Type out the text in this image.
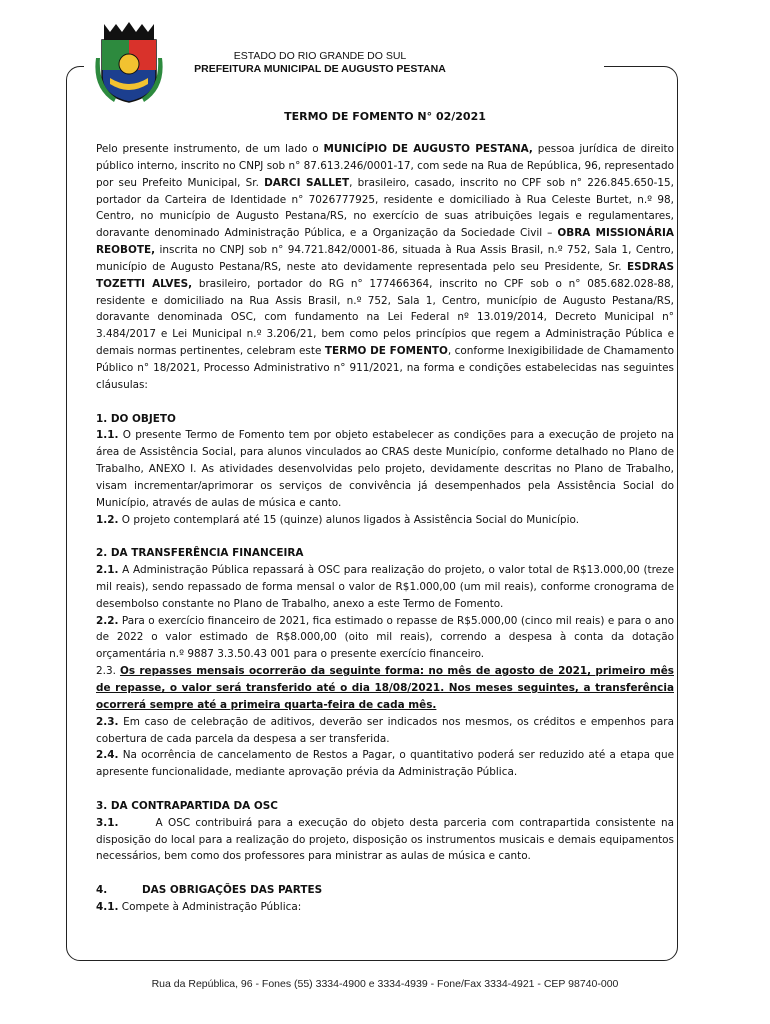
ESTADO DO RIO GRANDE DO SUL
PREFEITURA MUNICIPAL DE AUGUSTO PESTANA
TERMO DE FOMENTO N° 02/2021

Pelo presente instrumento, de um lado o MUNICÍPIO DE AUGUSTO PESTANA, pessoa jurídica de direito público interno, inscrito no CNPJ sob n° 87.613.246/0001-17, com sede na Rua de República, 96, representado por seu Prefeito Municipal, Sr. DARCI SALLET, brasileiro, casado, inscrito no CPF sob n° 226.845.650-15, portador da Carteira de Identidade n° 7026777925, residente e domiciliado à Rua Celeste Burtet, n.º 98, Centro, no município de Augusto Pestana/RS, no exercício de suas atribuições legais e regulamentares, doravante denominado Administração Pública, e a Organização da Sociedade Civil – OBRA MISSIONÁRIA REOBOTE, inscrita no CNPJ sob n° 94.721.842/0001-86, situada à Rua Assis Brasil, n.º 752, Sala 1, Centro, município de Augusto Pestana/RS, neste ato devidamente representada pelo seu Presidente, Sr. ESDRAS TOZETTI ALVES, brasileiro, portador do RG n° 177466364, inscrito no CPF sob o n° 085.682.028-88, residente e domiciliado na Rua Assis Brasil, n.º 752, Sala 1, Centro, município de Augusto Pestana/RS, doravante denominada OSC, com fundamento na Lei Federal nº 13.019/2014, Decreto Municipal n° 3.484/2017 e Lei Municipal n.º 3.206/21, bem como pelos princípios que regem a Administração Pública e demais normas pertinentes, celebram este TERMO DE FOMENTO, conforme Inexigibilidade de Chamamento Público n° 18/2021, Processo Administrativo n° 911/2021, na forma e condições estabelecidas nas seguintes cláusulas:

1. DO OBJETO

1.1. O presente Termo de Fomento tem por objeto estabelecer as condições para a execução de projeto na área de Assistência Social, para alunos vinculados ao CRAS deste Município, conforme detalhado no Plano de Trabalho, ANEXO I. As atividades desenvolvidas pelo projeto, devidamente descritas no Plano de Trabalho, visam incrementar/aprimorar os serviços de convivência já desempenhados pela Assistência Social do Município, através de aulas de música e canto.

1.2. O projeto contemplará até 15 (quinze) alunos ligados à Assistência Social do Município.

2. DA TRANSFERÊNCIA FINANCEIRA

2.1. A Administração Pública repassará à OSC para realização do projeto, o valor total de R$13.000,00 (treze mil reais), sendo repassado de forma mensal o valor de R$1.000,00 (um mil reais), conforme cronograma de desembolso constante no Plano de Trabalho, anexo a este Termo de Fomento.

2.2. Para o exercício financeiro de 2021, fica estimado o repasse de R$5.000,00 (cinco mil reais) e para o ano de 2022 o valor estimado de R$8.000,00 (oito mil reais), correndo a despesa à conta da dotação orçamentária n.º 9887 3.3.50.43 001 para o presente exercício financeiro.

2.3. Os repasses mensais ocorrerão da seguinte forma: no mês de agosto de 2021, primeiro mês de repasse, o valor será transferido até o dia 18/08/2021. Nos meses seguintes, a transferência ocorrerá sempre até a primeira quarta-feira de cada mês.

2.3. Em caso de celebração de aditivos, deverão ser indicados nos mesmos, os créditos e empenhos para cobertura de cada parcela da despesa a ser transferida.

2.4. Na ocorrência de cancelamento de Restos a Pagar, o quantitativo poderá ser reduzido até a etapa que apresente funcionalidade, mediante aprovação prévia da Administração Pública.

3. DA CONTRAPARTIDA DA OSC

3.1.       A OSC contribuirá para a execução do objeto desta parceria com contrapartida consistente na disposição do local para a realização do projeto, disposição os instrumentos musicais e demais equipamentos necessários, bem como dos professores para ministrar as aulas de música e canto.

4.	DAS OBRIGAÇÕES DAS PARTES

4.1. Compete à Administração Pública:

Rua da República, 96 - Fones (55) 3334-4900 e 3334-4939 - Fone/Fax 3334-4921 - CEP 98740-000
